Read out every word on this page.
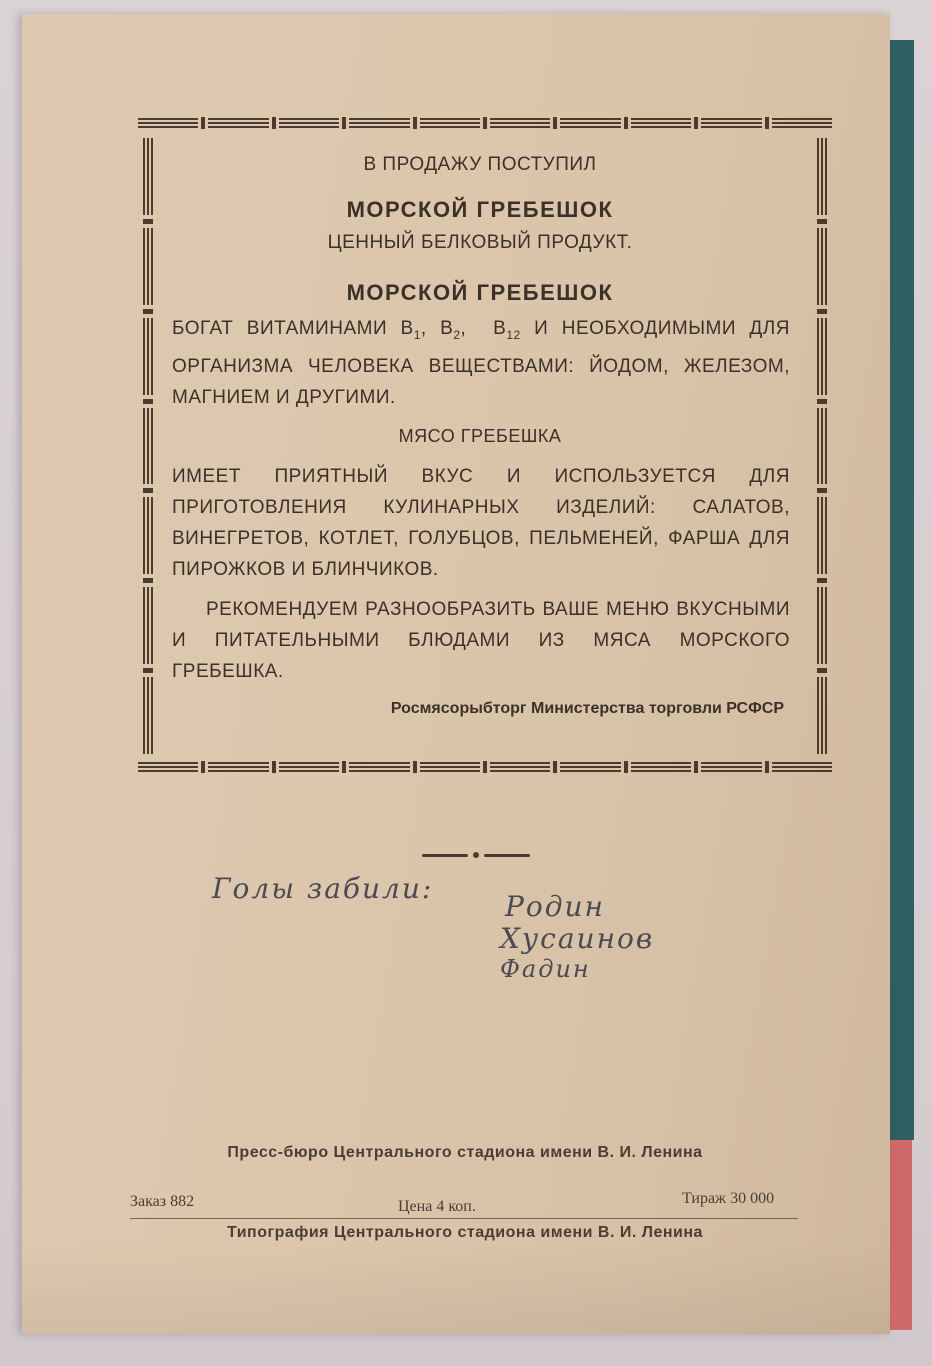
В ПРОДАЖУ ПОСТУПИЛ
МОРСКОЙ ГРЕБЕШОК
ЦЕННЫЙ БЕЛКОВЫЙ ПРОДУКТ.
МОРСКОЙ ГРЕБЕШОК
БОГАТ ВИТАМИНАМИ $B_1$, $B_2$,  $B_{12}$ И НЕОБХОДИМЫМИ ДЛЯ ОРГАНИЗМА ЧЕЛОВЕКА ВЕЩЕСТВАМИ: ЙОДОМ, ЖЕЛЕЗОМ, МАГНИЕМ И ДРУГИМИ.
МЯСО ГРЕБЕШКА
ИМЕЕТ ПРИЯТНЫЙ ВКУС И ИСПОЛЬЗУЕТСЯ ДЛЯ ПРИГОТОВЛЕНИЯ КУЛИНАРНЫХ ИЗДЕЛИЙ: САЛАТОВ, ВИНЕГРЕТОВ, КОТЛЕТ, ГОЛУБЦОВ, ПЕЛЬМЕНЕЙ, ФАРША ДЛЯ ПИРОЖКОВ И БЛИНЧИКОВ.
РЕКОМЕНДУЕМ РАЗНООБРАЗИТЬ ВАШЕ МЕНЮ ВКУСНЫМИ И ПИТАТЕЛЬНЫМИ БЛЮДАМИ ИЗ МЯСА МОРСКОГО ГРЕБЕШКА.
Росмясорыбторг Министерства торговли РСФСР
Голы забили:
Родин
Хусаинов
Фадин
Пресс-бюро Центрального стадиона имени В. И. Ленина
Заказ 882	Цена 4 коп.	Тираж 30 000
Типография Центрального стадиона имени В. И. Ленина
